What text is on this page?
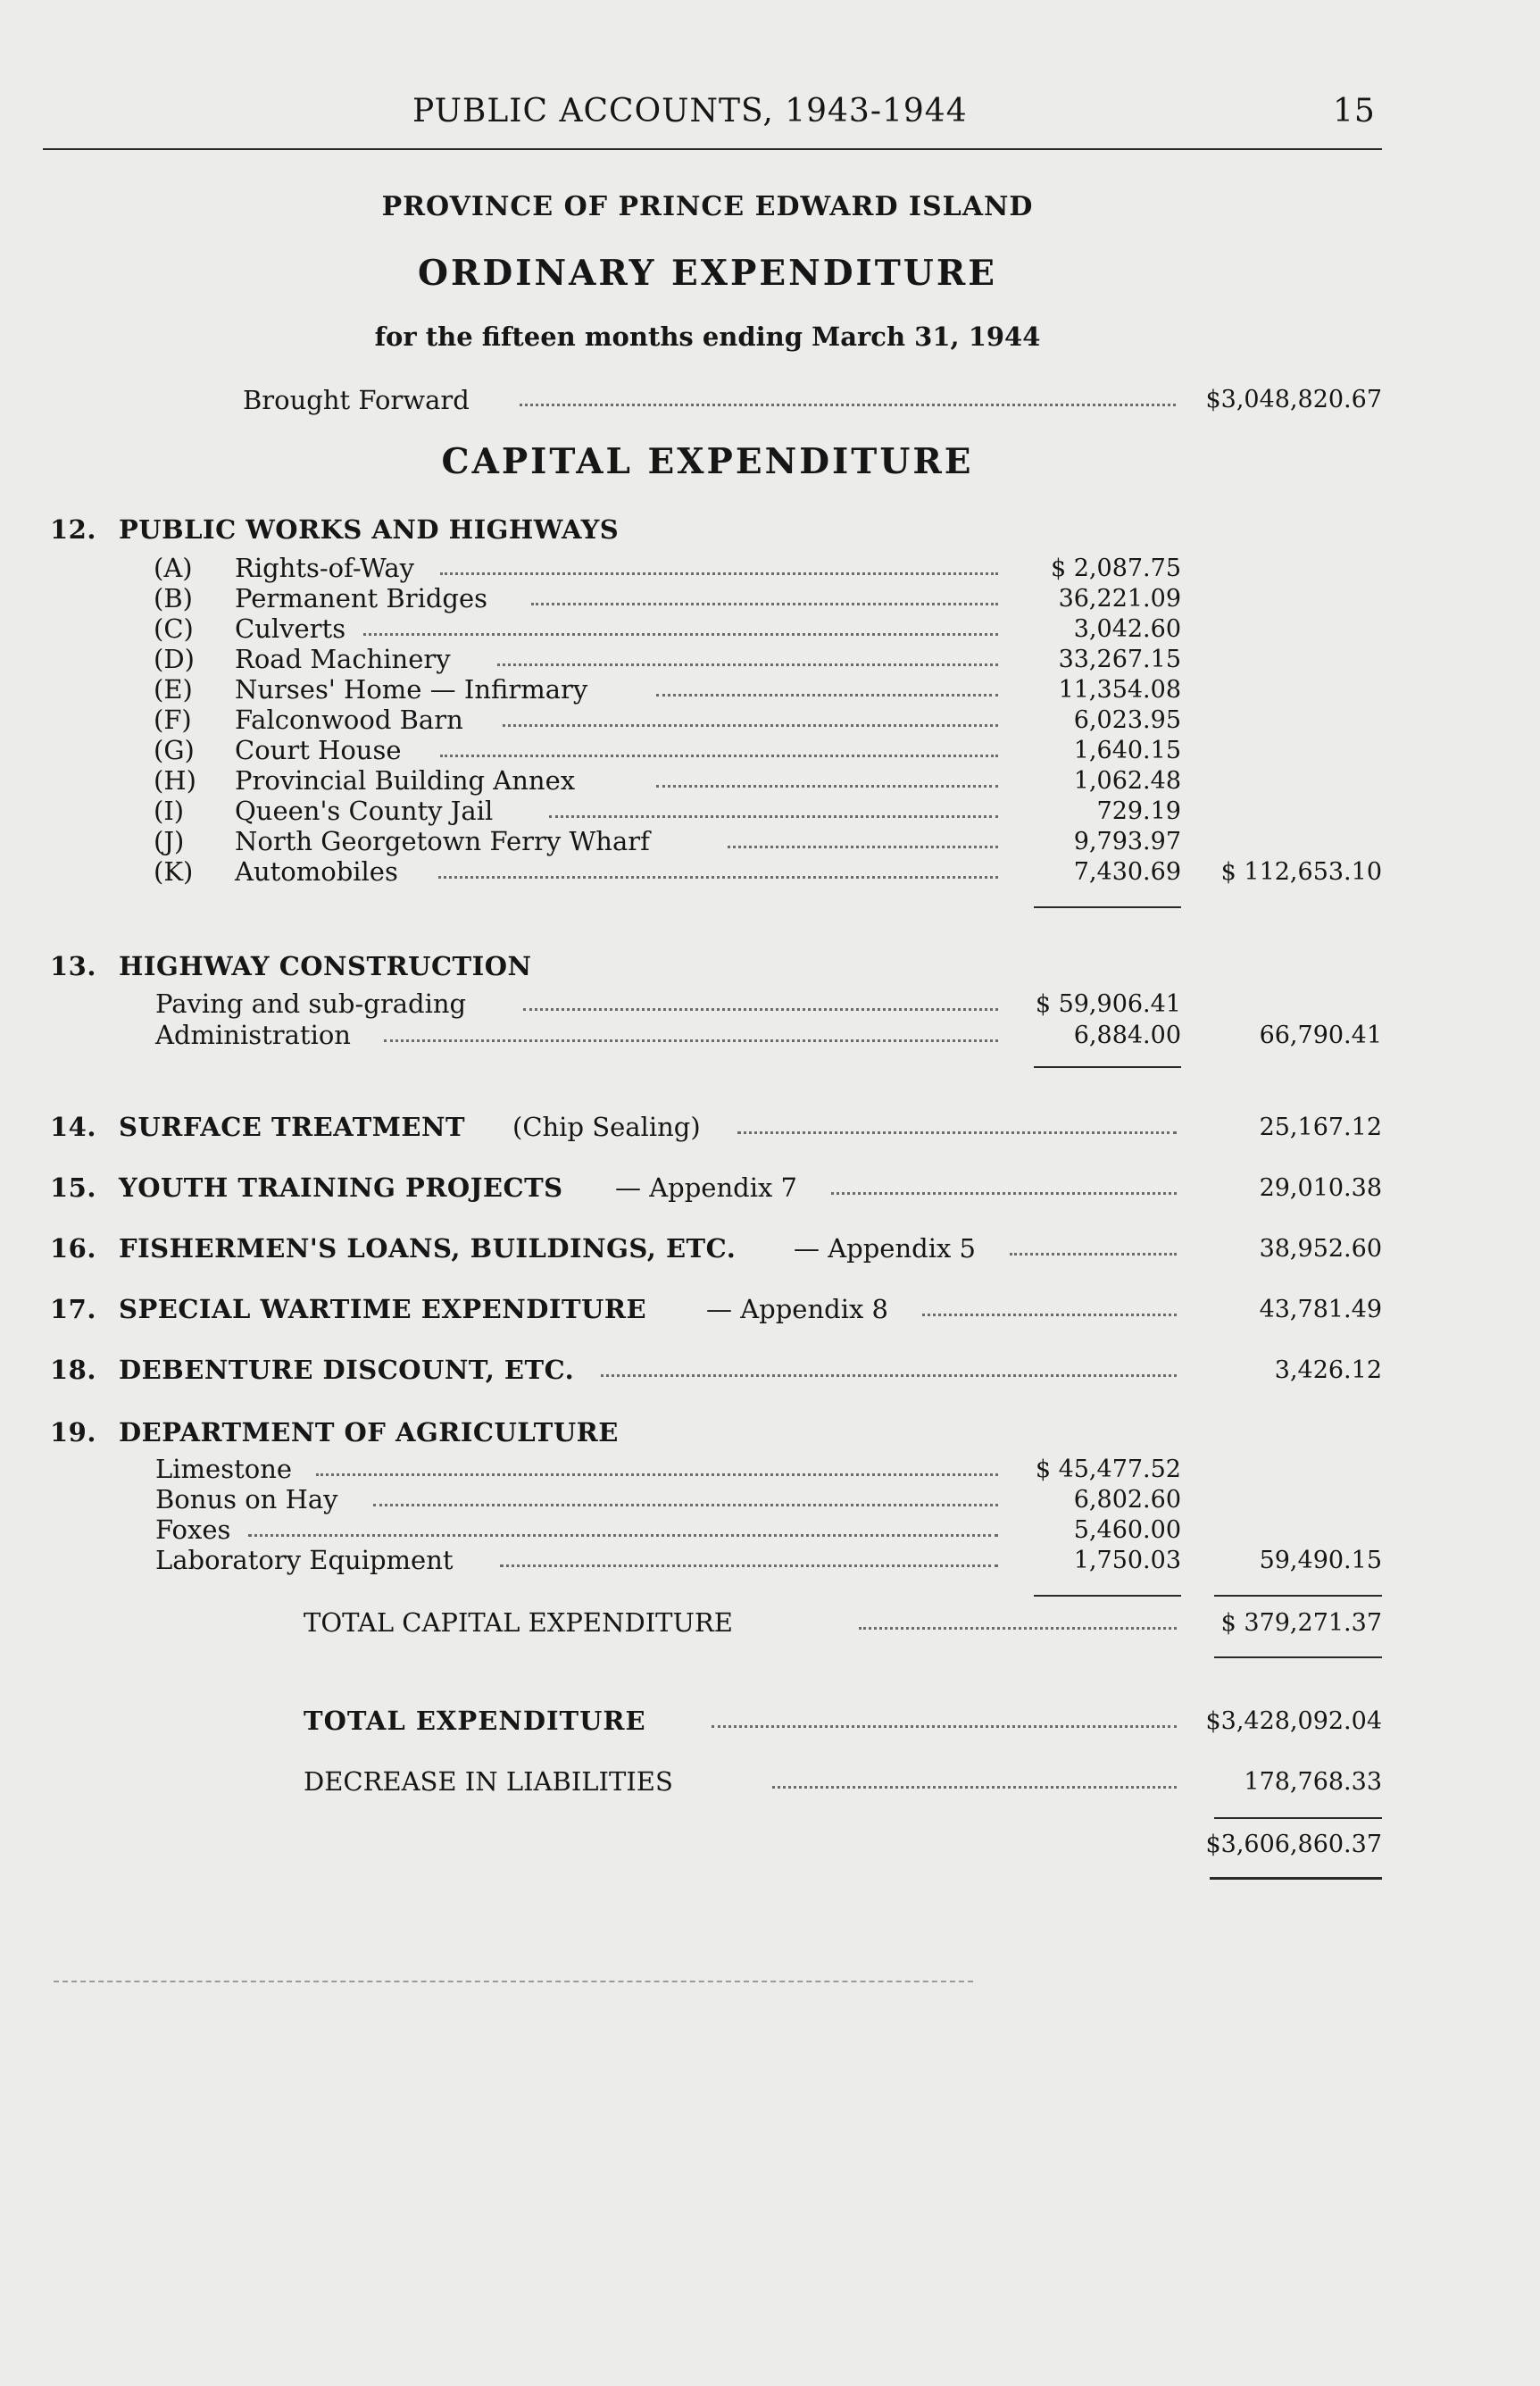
PUBLIC ACCOUNTS, 1943-1944	15
PROVINCE OF PRINCE EDWARD ISLAND
ORDINARY EXPENDITURE
for the fifteen months ending March 31, 1944
Brought Forward	$3,048,820.67
CAPITAL EXPENDITURE
12. PUBLIC WORKS AND HIGHWAYS
(A) Rights-of-Way	$ 2,087.75
(B) Permanent Bridges	36,221.09
(C) Culverts	3,042.60
(D) Road Machinery	33,267.15
(E) Nurses' Home — Infirmary	11,354.08
(F) Falconwood Barn	6,023.95
(G) Court House	1,640.15
(H) Provincial Building Annex	1,062.48
(I) Queen's County Jail	729.19
(J) North Georgetown Ferry Wharf	9,793.97
(K) Automobiles	7,430.69	$ 112,653.10
13. HIGHWAY CONSTRUCTION
Paving and sub-grading	$ 59,906.41
Administration	6,884.00	66,790.41
14. SURFACE TREATMENT (Chip Sealing)	25,167.12
15. YOUTH TRAINING PROJECTS — Appendix 7	29,010.38
16. FISHERMEN'S LOANS, BUILDINGS, ETC. — Appendix 5	38,952.60
17. SPECIAL WARTIME EXPENDITURE — Appendix 8	43,781.49
18. DEBENTURE DISCOUNT, ETC.	3,426.12
19. DEPARTMENT OF AGRICULTURE
Limestone	$ 45,477.52
Bonus on Hay	6,802.60
Foxes	5,460.00
Laboratory Equipment	1,750.03	59,490.15
TOTAL CAPITAL EXPENDITURE	$ 379,271.37
TOTAL EXPENDITURE	$3,428,092.04
DECREASE IN LIABILITIES	178,768.33
$3,606,860.37
